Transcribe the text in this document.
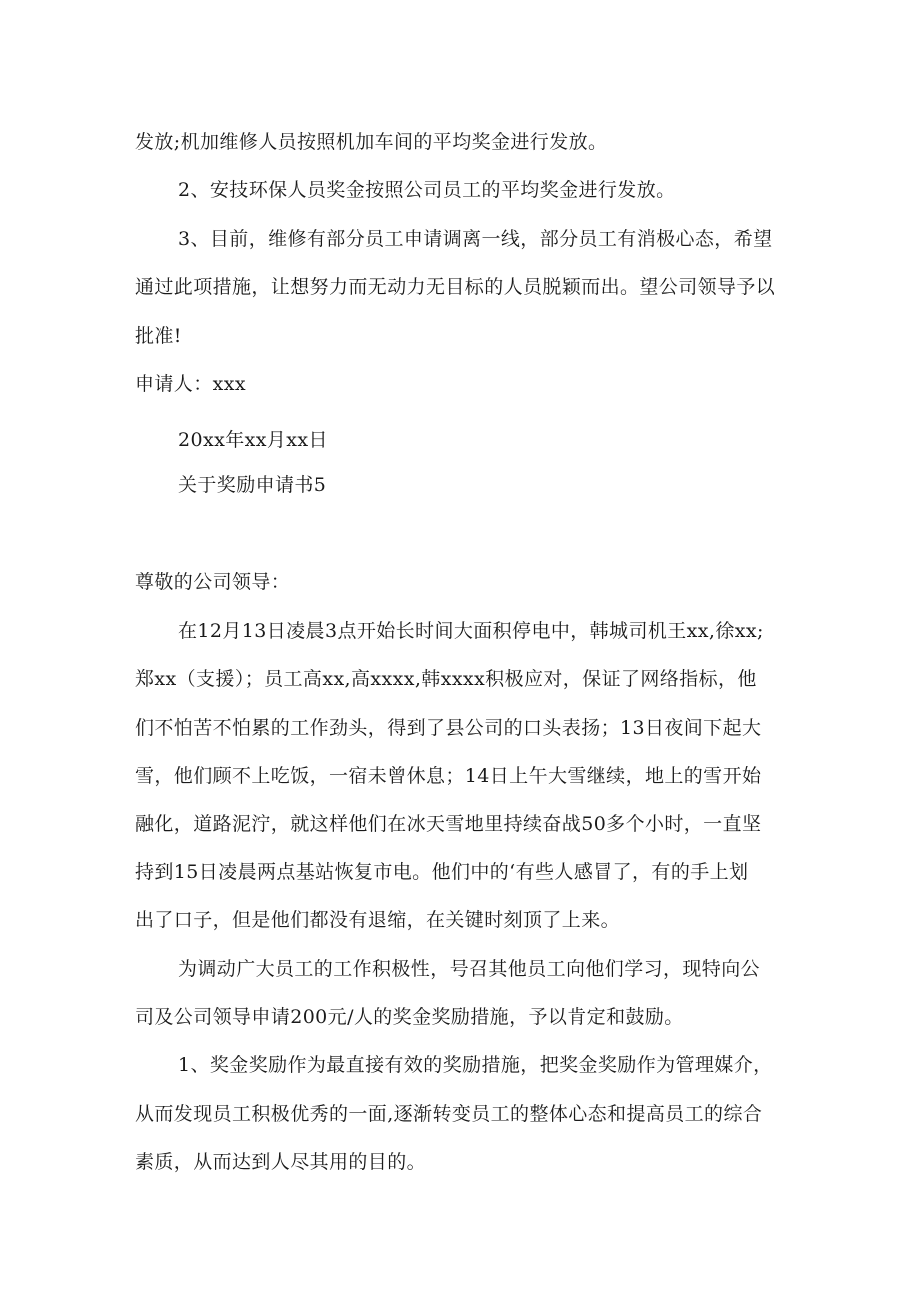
发放;机加维修人员按照机加车间的平均奖金进行发放。
2、安技环保人员奖金按照公司员工的平均奖金进行发放。
3、目前，维修有部分员工申请调离一线，部分员工有消极心态，希望
通过此项措施，让想努力而无动力无目标的人员脱颖而出。望公司领导予以
批准!
申请人：xxx
20xx年xx月xx日
关于奖励申请书5
尊敬的公司领导：
在12月13日凌晨3点开始长时间大面积停电中，韩城司机王xx,徐xx;
郑xx（支援）；员工高xx,高xxxx,韩xxxx积极应对，保证了网络指标，他
们不怕苦不怕累的工作劲头，得到了县公司的口头表扬；13日夜间下起大
雪，他们顾不上吃饭，一宿未曾休息；14日上午大雪继续，地上的雪开始
融化，道路泥泞，就这样他们在冰天雪地里持续奋战50多个小时，一直坚
持到15日凌晨两点基站恢复市电。他们中的‘有些人感冒了，有的手上划
出了口子，但是他们都没有退缩，在关键时刻顶了上来。
为调动广大员工的工作积极性，号召其他员工向他们学习，现特向公
司及公司领导申请200元/人的奖金奖励措施，予以肯定和鼓励。
1、奖金奖励作为最直接有效的奖励措施，把奖金奖励作为管理媒介，
从而发现员工积极优秀的一面,逐渐转变员工的整体心态和提高员工的综合
素质，从而达到人尽其用的目的。
